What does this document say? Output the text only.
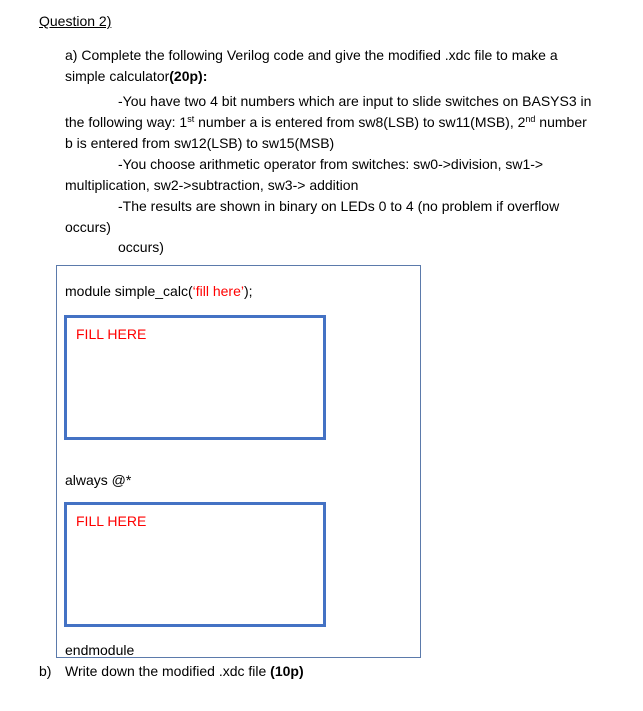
Question 2)
a) Complete the following Verilog code and give the modified .xdc file to make a
simple calculator(20p):
-You have two 4 bit numbers which are input to slide switches on BASYS3 in
the following way: 1st number a is entered from sw8(LSB) to sw11(MSB), 2nd number
b is entered from sw12(LSB) to sw15(MSB)
-You choose arithmetic operator from switches: sw0->division, sw1->
multiplication, sw2->subtraction, sw3-> addition
-The results are shown in binary on LEDs 0 to 4 (no problem if overflow
occurs)
occurs)
module simple_calc(‘fill here’);
FILL HERE
always @*
FILL HERE
endmodule
b) Write down the modified .xdc file (10p)
